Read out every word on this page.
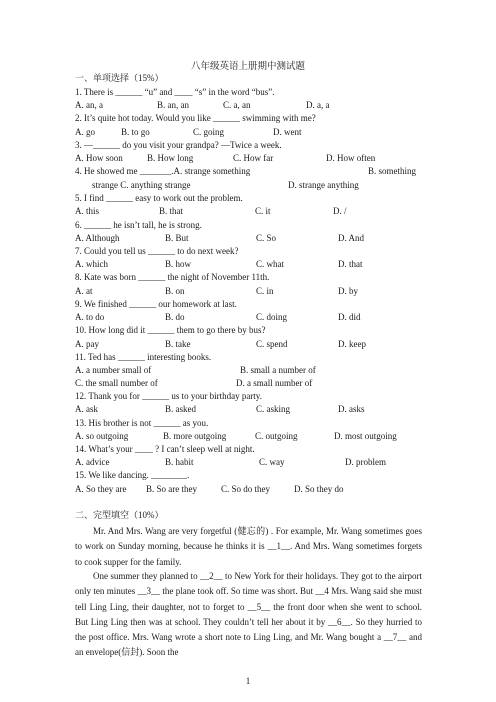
八年级英语上册期中测试题
一、单项选择（15%）
1. There is ______ “u” and ____ “s” in the word “bus”.
A. an, a	B. an, an	C. a, an	D. a, a
2. It’s quite hot today. Would you like ______ swimming with me?
A. go	B. to go	C. going	D. went
3. —______ do you visit your grandpa? —Twice a week.
A. How soon	B. How long	C. How far	D. How often
4. He showed me _______.A. strange something	B. something
strange C. anything strange	D. strange anything
5. I find ______ easy to work out the problem.
A. this	B. that	C. it	D. /
6. ______ he isn’t tall, he is strong.
A. Although	B. But	C. So	D. And
7. Could you tell us ______ to do next week?
A. which	B. how	C. what	D. that
8. Kate was born ______ the night of November 11th.
A. at	B. on	C. in	D. by
9. We finished ______ our homework at last.
A. to do	B. do	C. doing	D. did
10. How long did it ______ them to go there by bus?
A. pay	B. take	C. spend	D. keep
11. Ted has ______ interesting books.
A. a number small of	B. small a number of
C. the small number of	D. a small number of
12. Thank you for ______ us to your birthday party.
A. ask	B. asked	C. asking	D. asks
13. His brother is not ______ as you.
A. so outgoing	B. more outgoing	C. outgoing	D. most outgoing
14. What’s your ____ ? I can’t sleep well at night.
A. advice	B. habit	C. way	D. problem
15. We like dancing. ________.
A. So they are B. So are they	C. So do they	D. So they do
二、完型填空（10%）

Mr. And Mrs. Wang are very forgetful (健忘的) . For example, Mr. Wang sometimes goes to work on Sunday morning, because he thinks it is __1__. And Mrs. Wang sometimes forgets to cook supper for the family.

One summer they planned to __2__ to New York for their holidays. They got to the airport only ten minutes __3__ the plane took off. So time was short. But __4 Mrs. Wang said she must tell Ling Ling, their daughter, not to forget to __5__ the front door when she went to school. But Ling Ling then was at school. They couldn’t tell her about it by __6__. So they hurried to the post office. Mrs. Wang wrote a short note to Ling Ling, and Mr. Wang bought a __7__ and an envelope(信封). Soon the

1
